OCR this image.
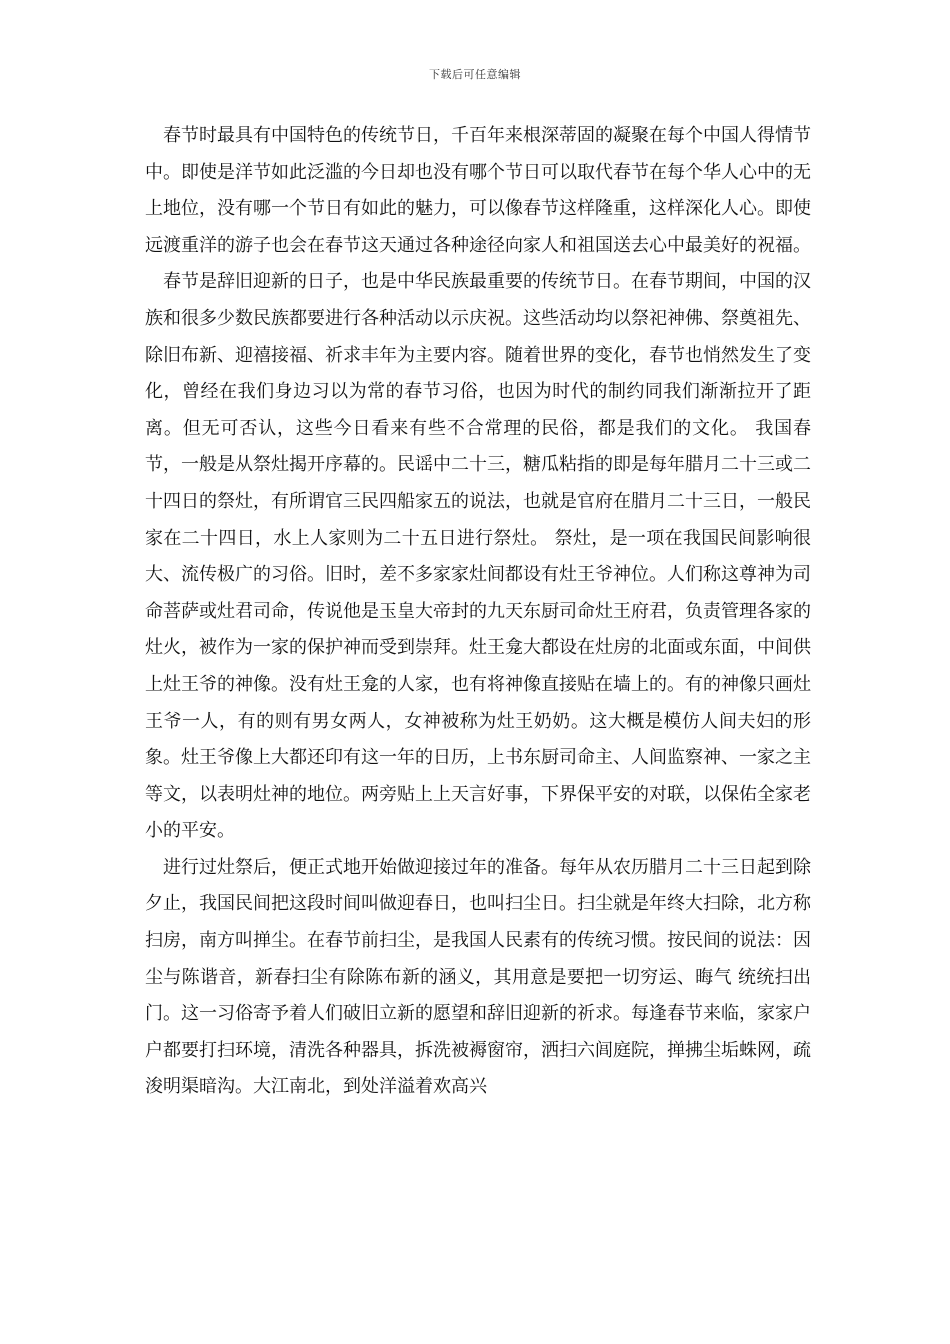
下载后可任意编辑

春节时最具有中国特色的传统节日，千百年来根深蒂固的凝聚在每个中国人得情节中。即使是洋节如此泛滥的今日却也没有哪个节日可以取代春节在每个华人心中的无上地位，没有哪一个节日有如此的魅力，可以像春节这样隆重，这样深化人心。即使远渡重洋的游子也会在春节这天通过各种途径向家人和祖国送去心中最美好的祝福。

春节是辞旧迎新的日子，也是中华民族最重要的传统节日。在春节期间，中国的汉族和很多少数民族都要进行各种活动以示庆祝。这些活动均以祭祀神佛、祭奠祖先、除旧布新、迎禧接福、祈求丰年为主要内容。随着世界的变化，春节也悄然发生了变化，曾经在我们身边习以为常的春节习俗，也因为时代的制约同我们渐渐拉开了距离。但无可否认，这些今日看来有些不合常理的民俗，都是我们的文化。 我国春节，一般是从祭灶揭开序幕的。民谣中二十三，糖瓜粘指的即是每年腊月二十三或二十四日的祭灶，有所谓官三民四船家五的说法，也就是官府在腊月二十三日，一般民家在二十四日，水上人家则为二十五日进行祭灶。 祭灶，是一项在我国民间影响很大、流传极广的习俗。旧时，差不多家家灶间都设有灶王爷神位。人们称这尊神为司命菩萨或灶君司命，传说他是玉皇大帝封的九天东厨司命灶王府君，负责管理各家的灶火，被作为一家的保护神而受到崇拜。灶王龛大都设在灶房的北面或东面，中间供上灶王爷的神像。没有灶王龛的人家，也有将神像直接贴在墙上的。有的神像只画灶王爷一人，有的则有男女两人，女神被称为灶王奶奶。这大概是模仿人间夫妇的形象。灶王爷像上大都还印有这一年的日历，上书东厨司命主、人间监察神、一家之主等文，以表明灶神的地位。两旁贴上上天言好事，下界保平安的对联，以保佑全家老小的平安。

进行过灶祭后，便正式地开始做迎接过年的准备。每年从农历腊月二十三日起到除夕止，我国民间把这段时间叫做迎春日，也叫扫尘日。扫尘就是年终大扫除，北方称扫房，南方叫掸尘。在春节前扫尘，是我国人民素有的传统习惯。按民间的说法：因尘与陈谐音，新春扫尘有除陈布新的涵义，其用意是要把一切穷运、晦气 统统扫出门。这一习俗寄予着人们破旧立新的愿望和辞旧迎新的祈求。每逢春节来临，家家户户都要打扫环境，清洗各种器具，拆洗被褥窗帘，洒扫六闾庭院，掸拂尘垢蛛网，疏浚明渠暗沟。大江南北，到处洋溢着欢高兴
